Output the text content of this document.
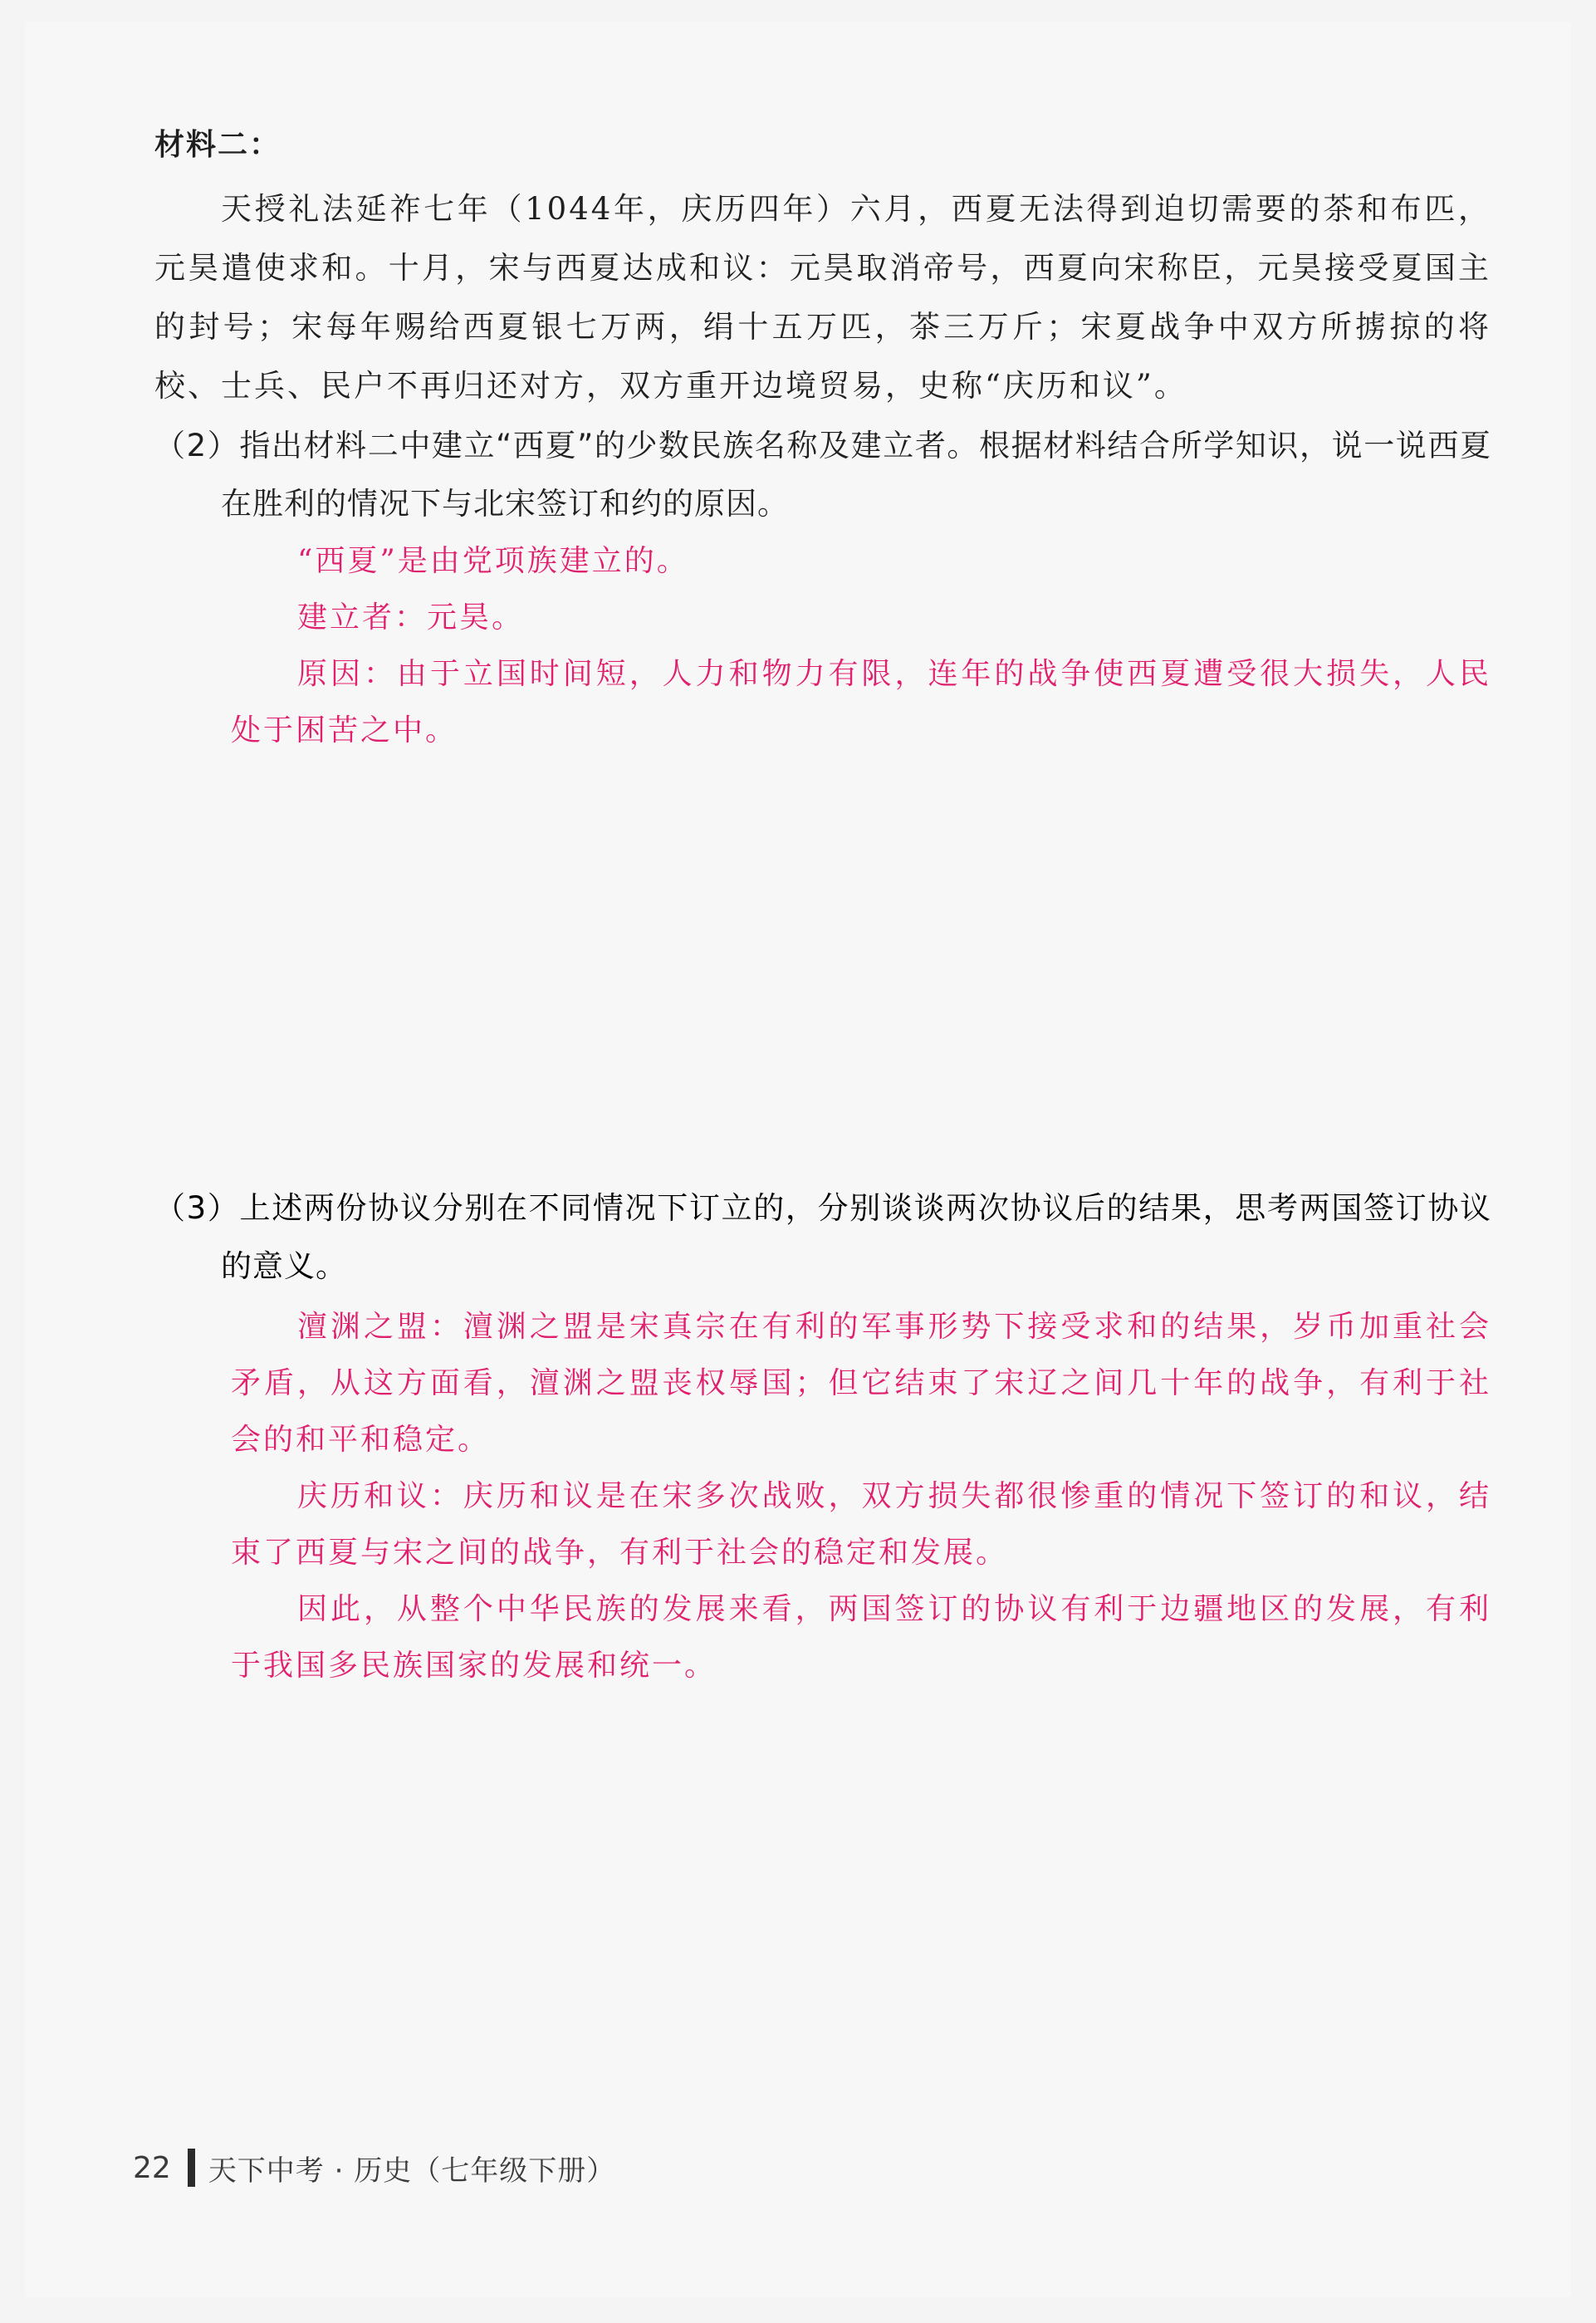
材料二：

天授礼法延祚七年（1044年，庆历四年）六月，西夏无法得到迫切需要的茶和布匹，元昊遣使求和。十月，宋与西夏达成和议：元昊取消帝号，西夏向宋称臣，元昊接受夏国主的封号；宋每年赐给西夏银七万两，绢十五万匹，茶三万斤；宋夏战争中双方所掳掠的将校、士兵、民户不再归还对方，双方重开边境贸易，史称“庆历和议”。

（2）指出材料二中建立“西夏”的少数民族名称及建立者。根据材料结合所学知识，说一说西夏在胜利的情况下与北宋签订和约的原因。

“西夏”是由党项族建立的。

建立者：元昊。

原因：由于立国时间短，人力和物力有限，连年的战争使西夏遭受很大损失，人民处于困苦之中。

（3）上述两份协议分别在不同情况下订立的，分别谈谈两次协议后的结果，思考两国签订协议的意义。

澶渊之盟：澶渊之盟是宋真宗在有利的军事形势下接受求和的结果，岁币加重社会矛盾，从这方面看，澶渊之盟丧权辱国；但它结束了宋辽之间几十年的战争，有利于社会的和平和稳定。

庆历和议：庆历和议是在宋多次战败，双方损失都很惨重的情况下签订的和议，结束了西夏与宋之间的战争，有利于社会的稳定和发展。

因此，从整个中华民族的发展来看，两国签订的协议有利于边疆地区的发展，有利于我国多民族国家的发展和统一。

22 天下中考 · 历史（七年级下册）
